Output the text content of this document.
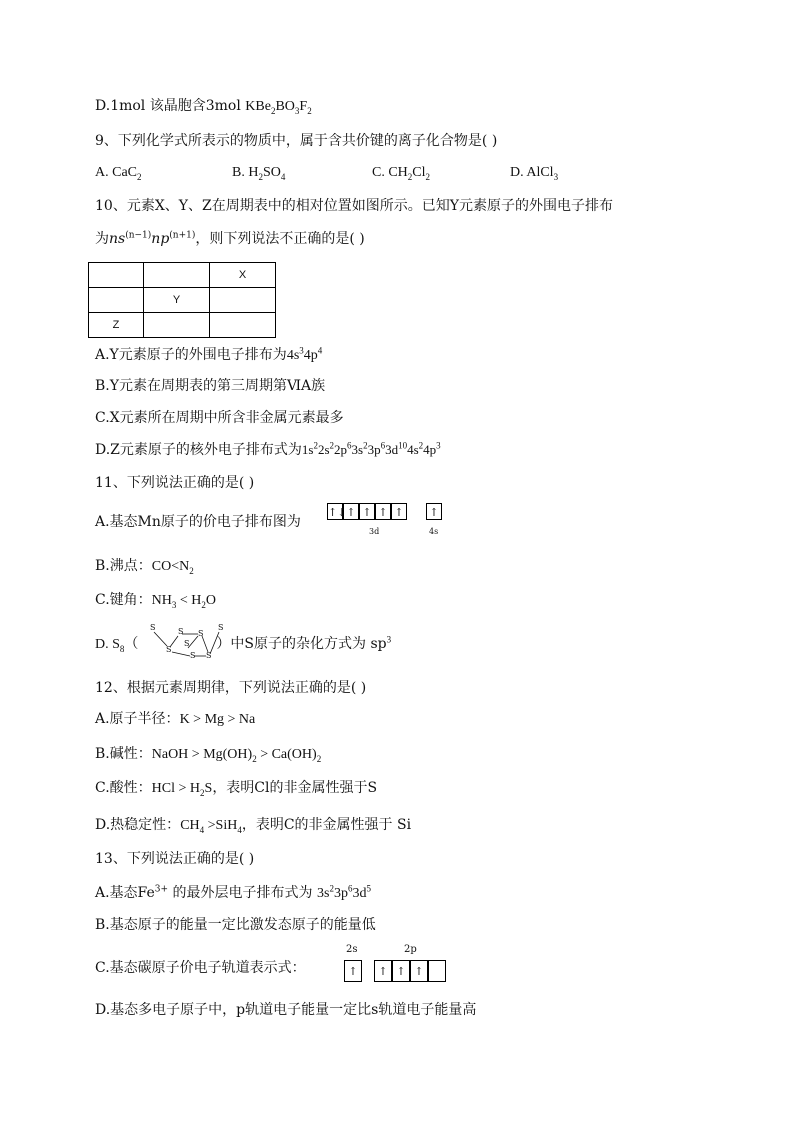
D.1mol 该晶胞含3mol $KBe_2BO_3F_2$
9、下列化学式所表示的物质中，属于含共价键的离子化合物是( )
A. CaC$_2$	B. $H_2SO_4$	C. $CH_2Cl_2$	D. AlCl$_3$
10、元素X、Y、Z在周期表中的相对位置如图所示。已知Y元素原子的外围电子排布
为$ns^{(n-1)}np^{(n+1)}$，则下列说法不正确的是( )
		X
	Y	
Z		
A.Y元素原子的外围电子排布为$4s^34p^4$
B.Y元素在周期表的第三周期第ⅥA族
C.X元素所在周期中所含非金属元素最多
D.Z元素原子的核外电子排布式为$1s^22s^22p^63s^23p^63d^{10}4s^24p^3$
11、下列说法正确的是( )
A.基态Mn原子的价电子排布图为
↑↓ ↑ ↑ ↑ ↑	↑
3d	4s
B.沸点：$CO<N_2$
C.键角：$NH_3 < H_2O$
D. $S_8$（	）中S原子的杂化方式为 $sp^3$
S
S
S
S
S
S
S
S
12、根据元素周期律，下列说法正确的是( )
A.原子半径：K > Mg > Na
B.碱性：NaOH > $Mg(OH)_2 > Ca(OH)_2$
C.酸性：HCl > $H_2S$，表明Cl的非金属性强于S
D.热稳定性：$CH_4 >SiH_4$，表明C的非金属性强于 Si
13、下列说法正确的是( )
A.基态$Fe^{3+}$ 的最外层电子排布式为 $3s^23p^63d^5$
B.基态原子的能量一定比激发态原子的能量低
C.基态碳原子价电子轨道表示式：
2s	2p
↑	↑ ↑ ↑
D.基态多电子原子中，p轨道电子能量一定比s轨道电子能量高
